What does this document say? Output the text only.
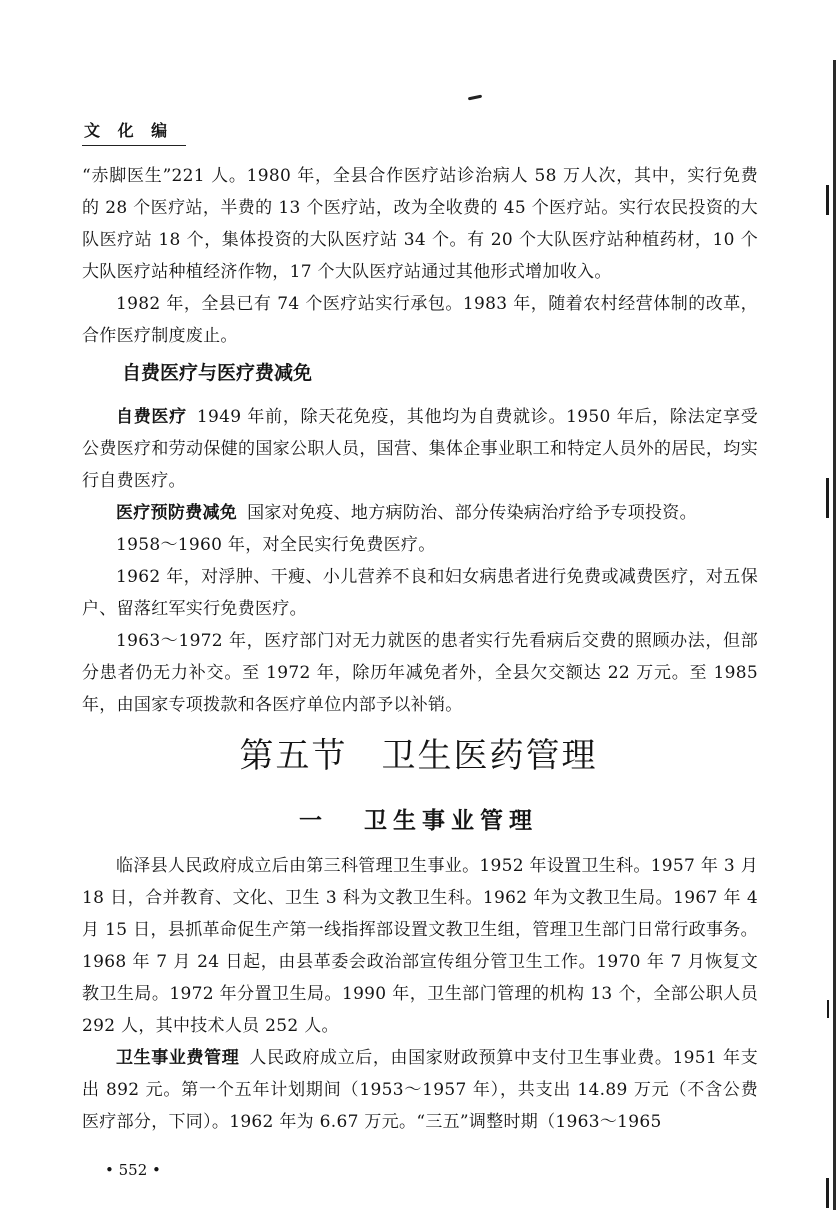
文 化 编

“赤脚医生”221 人。1980 年，全县合作医疗站诊治病人 58 万人次，其中，实行免费的 28 个医疗站，半费的 13 个医疗站，改为全收费的 45 个医疗站。实行农民投资的大队医疗站 18 个，集体投资的大队医疗站 34 个。有 20 个大队医疗站种植药材，10 个大队医疗站种植经济作物，17 个大队医疗站通过其他形式增加收入。

1982 年，全县已有 74 个医疗站实行承包。1983 年，随着农村经营体制的改革，合作医疗制度废止。

自费医疗与医疗费减免

自费医疗 1949 年前，除天花免疫，其他均为自费就诊。1950 年后，除法定享受公费医疗和劳动保健的国家公职人员，国营、集体企事业职工和特定人员外的居民，均实行自费医疗。

医疗预防费减免 国家对免疫、地方病防治、部分传染病治疗给予专项投资。

1958～1960 年，对全民实行免费医疗。

1962 年，对浮肿、干瘦、小儿营养不良和妇女病患者进行免费或减费医疗，对五保户、留落红军实行免费医疗。

1963～1972 年，医疗部门对无力就医的患者实行先看病后交费的照顾办法，但部分患者仍无力补交。至 1972 年，除历年减免者外，全县欠交额达 22 万元。至 1985 年，由国家专项拨款和各医疗单位内部予以补销。

第五节 卫生医药管理
一 卫生事业管理

临泽县人民政府成立后由第三科管理卫生事业。1952 年设置卫生科。1957 年 3 月 18 日，合并教育、文化、卫生 3 科为文教卫生科。1962 年为文教卫生局。1967 年 4 月 15 日，县抓革命促生产第一线指挥部设置文教卫生组，管理卫生部门日常行政事务。1968 年 7 月 24 日起，由县革委会政治部宣传组分管卫生工作。1970 年 7 月恢复文教卫生局。1972 年分置卫生局。1990 年，卫生部门管理的机构 13 个，全部公职人员 292 人，其中技术人员 252 人。

卫生事业费管理 人民政府成立后，由国家财政预算中支付卫生事业费。1951 年支出 892 元。第一个五年计划期间（1953～1957 年），共支出 14.89 万元（不含公费医疗部分，下同）。1962 年为 6.67 万元。“三五”调整时期（1963～1965

• 552 •
